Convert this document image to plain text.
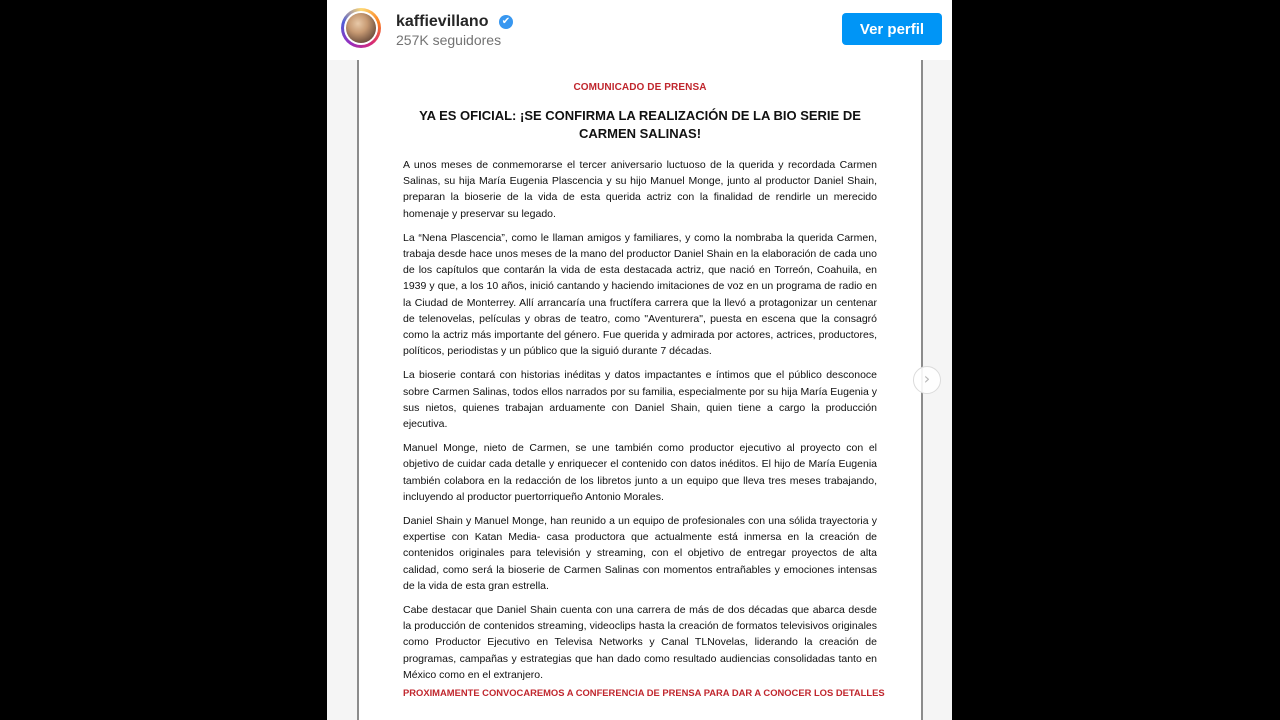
kaffievillano ✔
257K seguidores
Ver perfil
COMUNICADO DE PRENSA
YA ES OFICIAL: ¡SE CONFIRMA LA REALIZACIÓN DE LA BIO SERIE DE CARMEN SALINAS!

A unos meses de conmemorarse el tercer aniversario luctuoso de la querida y recordada Carmen Salinas, su hija María Eugenia Plascencia y su hijo Manuel Monge, junto al productor Daniel Shain, preparan la bioserie de la vida de esta querida actriz con la finalidad de rendirle un merecido homenaje y preservar su legado.

La “Nena Plascencia”, como le llaman amigos y familiares, y como la nombraba la querida Carmen, trabaja desde hace unos meses de la mano del productor Daniel Shain en la elaboración de cada uno de los capítulos que contarán la vida de esta destacada actriz, que nació en Torreón, Coahuila, en 1939 y que, a los 10 años, inició cantando y haciendo imitaciones de voz en un programa de radio en la Ciudad de Monterrey. Allí arrancaría una fructífera carrera que la llevó a protagonizar un centenar de telenovelas, películas y obras de teatro, como "Aventurera", puesta en escena que la consagró como la actriz más importante del género. Fue querida y admirada por actores, actrices, productores, políticos, periodistas y un público que la siguió durante 7 décadas.

La bioserie contará con historias inéditas y datos impactantes e íntimos que el público desconoce sobre Carmen Salinas, todos ellos narrados por su familia, especialmente por su hija María Eugenia y sus nietos, quienes trabajan arduamente con Daniel Shain, quien tiene a cargo la producción ejecutiva.

Manuel Monge, nieto de Carmen, se une también como productor ejecutivo al proyecto con el objetivo de cuidar cada detalle y enriquecer el contenido con datos inéditos. El hijo de María Eugenia también colabora en la redacción de los libretos junto a un equipo que lleva tres meses trabajando, incluyendo al productor puertorriqueño Antonio Morales.

Daniel Shain y Manuel Monge, han reunido a un equipo de profesionales con una sólida trayectoria y expertise con Katan Media- casa productora que actualmente está inmersa en la creación de contenidos originales para televisión y streaming, con el objetivo de entregar proyectos de alta calidad, como será la bioserie de Carmen Salinas con momentos entrañables y emociones intensas de la vida de esta gran estrella.

Cabe destacar que Daniel Shain cuenta con una carrera de más de dos décadas que abarca desde la producción de contenidos streaming, videoclips hasta la creación de formatos televisivos originales como Productor Ejecutivo en Televisa Networks y Canal TLNovelas, liderando la creación de programas, campañas y estrategias que han dado como resultado audiencias consolidadas tanto en México como en el extranjero.

PROXIMAMENTE CONVOCAREMOS A CONFERENCIA DE PRENSA PARA DAR A CONOCER LOS DETALLES
›
